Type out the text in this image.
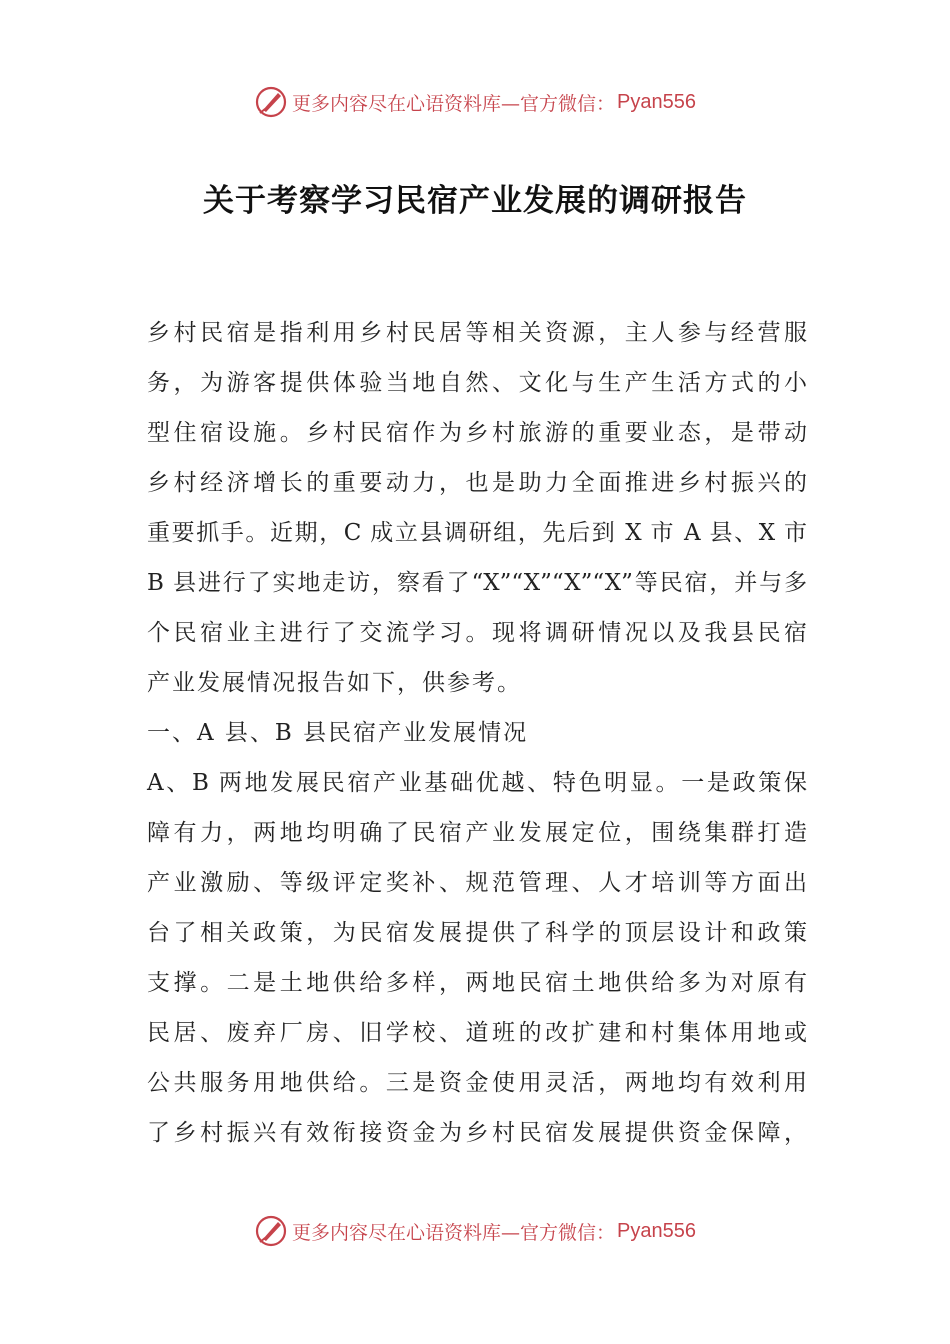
更多内容尽在心语资料库—官方微信： Pyan556
关于考察学习民宿产业发展的调研报告
乡村民宿是指利用乡村民居等相关资源，主人参与经营服
务，为游客提供体验当地自然、文化与生产生活方式的小
型住宿设施。乡村民宿作为乡村旅游的重要业态，是带动
乡村经济增长的重要动力，也是助力全面推进乡村振兴的
重要抓手。近期，C 成立县调研组，先后到 X 市 A 县、X 市
B 县进行了实地走访，察看了“X”“X”“X”“X”等民宿，并与多
个民宿业主进行了交流学习。现将调研情况以及我县民宿
产业发展情况报告如下，供参考。
一、A 县、B 县民宿产业发展情况
A、B 两地发展民宿产业基础优越、特色明显。一是政策保
障有力，两地均明确了民宿产业发展定位，围绕集群打造
产业激励、等级评定奖补、规范管理、人才培训等方面出
台了相关政策，为民宿发展提供了科学的顶层设计和政策
支撑。二是土地供给多样，两地民宿土地供给多为对原有
民居、废弃厂房、旧学校、道班的改扩建和村集体用地或
公共服务用地供给。三是资金使用灵活，两地均有效利用
了乡村振兴有效衔接资金为乡村民宿发展提供资金保障，
更多内容尽在心语资料库—官方微信： Pyan556
